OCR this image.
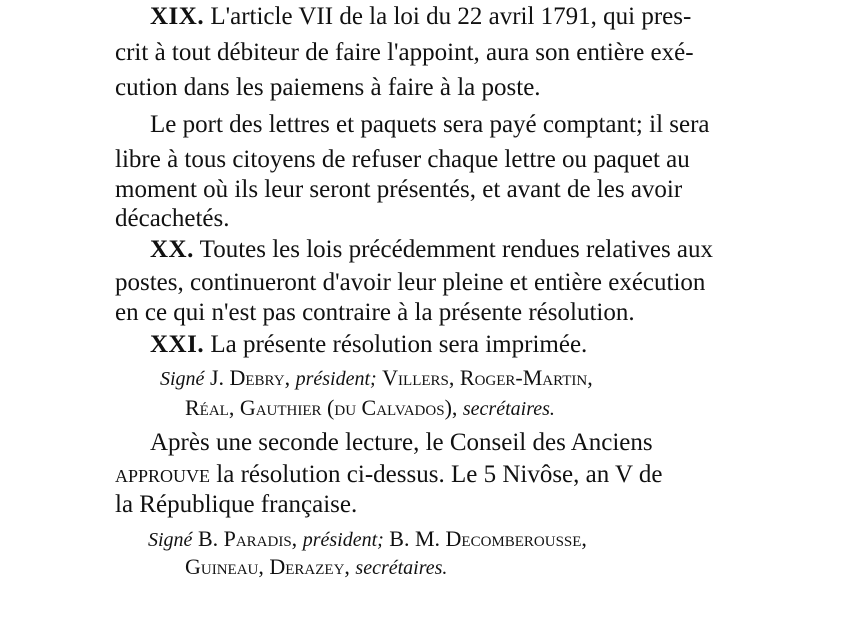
XIX. L'article VII de la loi du 22 avril 1791, qui pres-

crit à tout débiteur de faire l'appoint, aura son entière exé-

cution dans les paiemens à faire à la poste.

Le port des lettres et paquets sera payé comptant; il sera

libre à tous citoyens de refuser chaque lettre ou paquet au

moment où ils leur seront présentés, et avant de les avoir

décachetés.

XX. Toutes les lois précédemment rendues relatives aux

postes, continueront d'avoir leur pleine et entière exécution

en ce qui n'est pas contraire à la présente résolution.

XXI. La présente résolution sera imprimée.

Signé J. Debry, président; Villers, Roger-Martin,

Réal, Gauthier (du Calvados), secrétaires.

Après une seconde lecture, le Conseil des Anciens

approuve la résolution ci-dessus. Le 5 Nivôse, an V de

la République française.

Signé B. Paradis, président; B. M. Decomberousse,

Guineau, Derazey, secrétaires.
